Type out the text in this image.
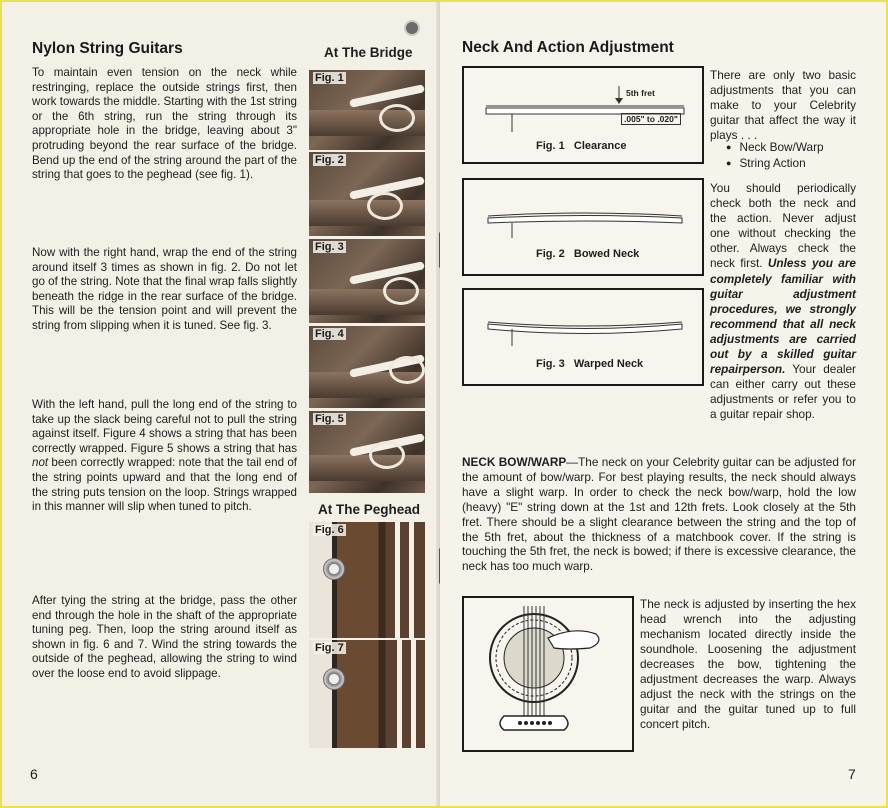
Nylon String Guitars

To maintain even tension on the neck while restringing, replace the outside strings first, then work towards the middle. Starting with the 1st string or the 6th string, run the string through its appropriate hole in the bridge, leaving about 3" protruding beyond the rear surface of the bridge. Bend up the end of the string around the part of the string that goes to the peghead (see fig. 1).

Now with the right hand, wrap the end of the string around itself 3 times as shown in fig. 2. Do not let go of the string. Note that the final wrap falls slightly beneath the ridge in the rear surface of the bridge. This will be the tension point and will prevent the string from slipping when it is tuned. See fig. 3.

With the left hand, pull the long end of the string to take up the slack being careful not to pull the string against itself. Figure 4 shows a string that has been correctly wrapped. Figure 5 shows a string that has not been correctly wrapped: note that the tail end of the string points upward and that the long end of the string puts tension on the loop. Strings wrapped in this manner will slip when tuned to pitch.

After tying the string at the bridge, pass the other end through the hole in the shaft of the appropriate tuning peg. Then, loop the string around itself as shown in fig. 6 and 7. Wind the string towards the outside of the peghead, allowing the string to wind over the loose end to avoid slippage.

6
At The Bridge
Fig. 1
Fig. 2
Fig. 3
Fig. 4
Fig. 5
At The Peghead
Fig. 6
Fig. 7
Neck And Action Adjustment
5th fret
.005" to .020"
Fig. 1   Clearance
Fig. 2   Bowed Neck
Fig. 3   Warped Neck

There are only two basic adjustments that you can make to your Celebrity guitar that affect the way it plays . . .

● Neck Bow/Warp
● String Action

You should periodically check both the neck and the action. Never adjust one without checking the other. Always check the neck first. Unless you are completely familiar with guitar adjustment procedures, we strongly recommend that all neck adjustments are carried out by a skilled guitar repairperson. Your dealer can either carry out these adjustments or refer you to a guitar repair shop.

NECK BOW/WARP—The neck on your Celebrity guitar can be adjusted for the amount of bow/warp. For best playing results, the neck should always have a slight warp. In order to check the neck bow/warp, hold the low (heavy) "E" string down at the 1st and 12th frets. Look closely at the 5th fret. There should be a slight clearance between the string and the top of the 5th fret, about the thickness of a matchbook cover. If the string is touching the 5th fret, the neck is bowed; if there is excessive clearance, the neck has too much warp.

The neck is adjusted by inserting the hex head wrench into the adjusting mechanism located directly inside the soundhole. Loosening the adjustment decreases the bow, tightening the adjustment decreases the warp. Always adjust the neck with the strings on the guitar and the guitar tuned up to full concert pitch.

7
